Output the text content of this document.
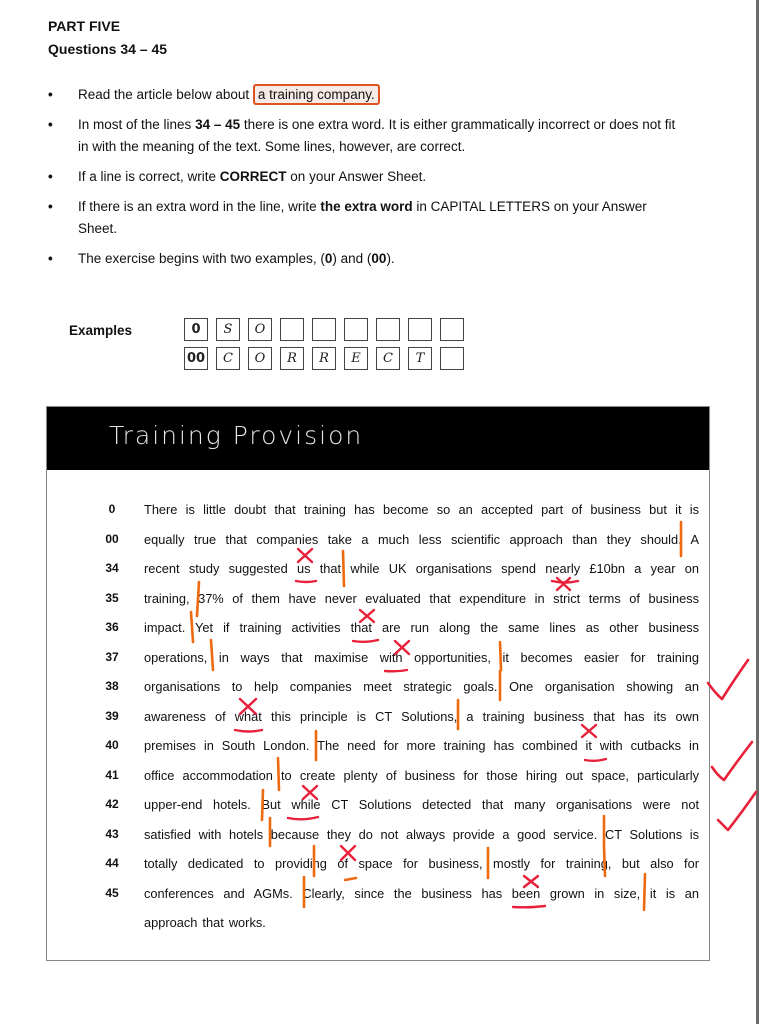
PART FIVE
Questions 34 – 45
• Read the article below about a training company.
• In most of the lines 34 – 45 there is one extra word. It is either grammatically incorrect or does not fit in with the meaning of the text. Some lines, however, are correct.
• If a line is correct, write CORRECT on your Answer Sheet.
• If there is an extra word in the line, write the extra word in CAPITAL LETTERS on your Answer Sheet.
• The exercise begins with two examples, (0) and (00).
Examples	0	S	O
00	C	O	R	R	E	C	T
Training Provision
0	There is little doubt that training has become so an accepted part of business but it is
00	equally true that companies take a much less scientific approach than they should. A
34	recent study suggested us that while UK organisations spend nearly £10bn a year on
35	training, 37% of them have never evaluated that expenditure in strict terms of business
36	impact. Yet if training activities that are run along the same lines as other business
37	operations, in ways that maximise with opportunities, it becomes easier for training
38	organisations to help companies meet strategic goals. One organisation showing an
39	awareness of what this principle is CT Solutions, a training business that has its own
40	premises in South London. The need for more training has combined it with cutbacks in
41	office accommodation to create plenty of business for those hiring out space, particularly
42	upper-end hotels. But while CT Solutions detected that many organisations were not
43	satisfied with hotels because they do not always provide a good service. CT Solutions is
44	totally dedicated to providing of space for business, mostly for training, but also for
45	conferences and AGMs. Clearly, since the business has been grown in size, it is an
approach that works.
